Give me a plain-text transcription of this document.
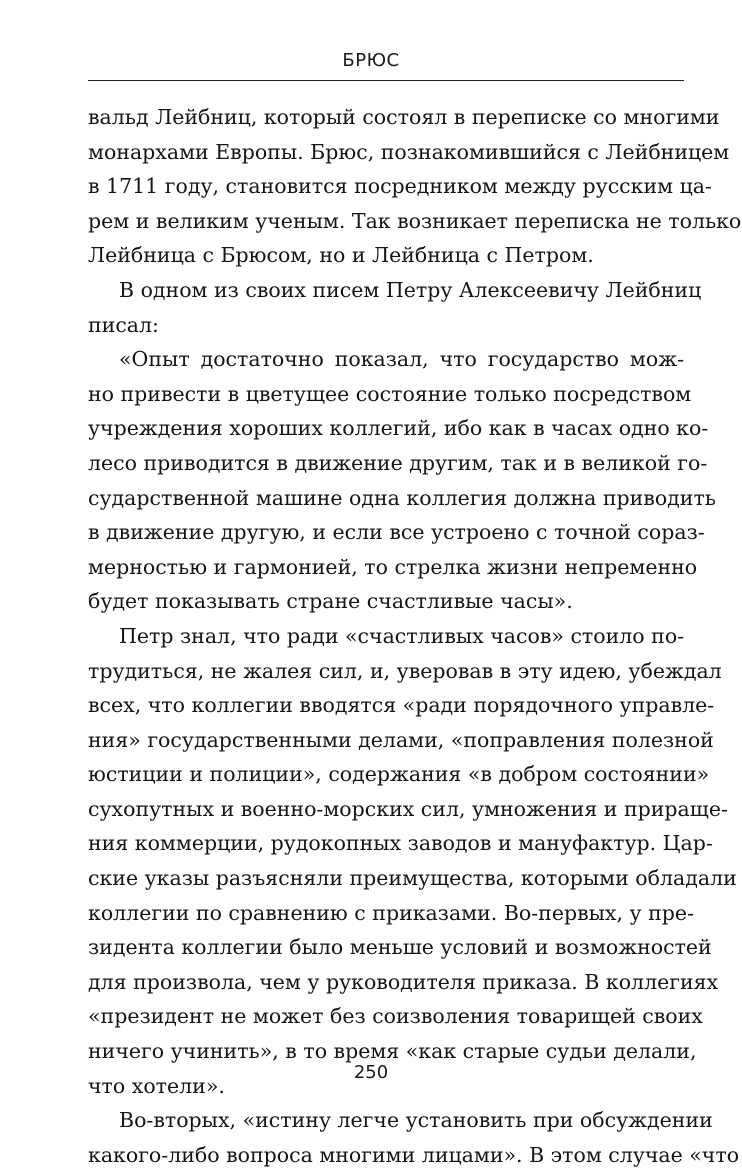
БРЮС
вальд Лейбниц, который состоял в переписке со многими
монархами Европы. Брюс, познакомившийся с Лейбницем
в 1711 году, становится посредником между русским ца-
рем и великим ученым. Так возникает переписка не только
Лейбница с Брюсом, но и Лейбница с Петром.
В одном из своих писем Петру Алексеевичу Лейбниц
писал:
«Опыт достаточно показал, что государство мож-
но привести в цветущее состояние только посредством
учреждения хороших коллегий, ибо как в часах одно ко-
лесо приводится в движение другим, так и в великой го-
сударственной машине одна коллегия должна приводить
в движение другую, и если все устроено с точной сораз-
мерностью и гармонией, то стрелка жизни непременно
будет показывать стране счастливые часы».
Петр знал, что ради «счастливых часов» стоило по-
трудиться, не жалея сил, и, уверовав в эту идею, убеждал
всех, что коллегии вводятся «ради порядочного управле-
ния» государственными делами, «поправления полезной
юстиции и полиции», содержания «в добром состоянии»
сухопутных и военно-морских сил, умножения и прираще-
ния коммерции, рудокопных заводов и мануфактур. Цар-
ские указы разъясняли преимущества, которыми обладали
коллегии по сравнению с приказами. Во-первых, у пре-
зидента коллегии было меньше условий и возможностей
для произвола, чем у руководителя приказа. В коллегиях
«президент не может без соизволения товарищей своих
ничего учинить», в то время «как старые судьи делали,
что хотели».
Во-вторых, «истину легче установить при обсуждении
какого-либо вопроса многими лицами». В этом случае «что
250
